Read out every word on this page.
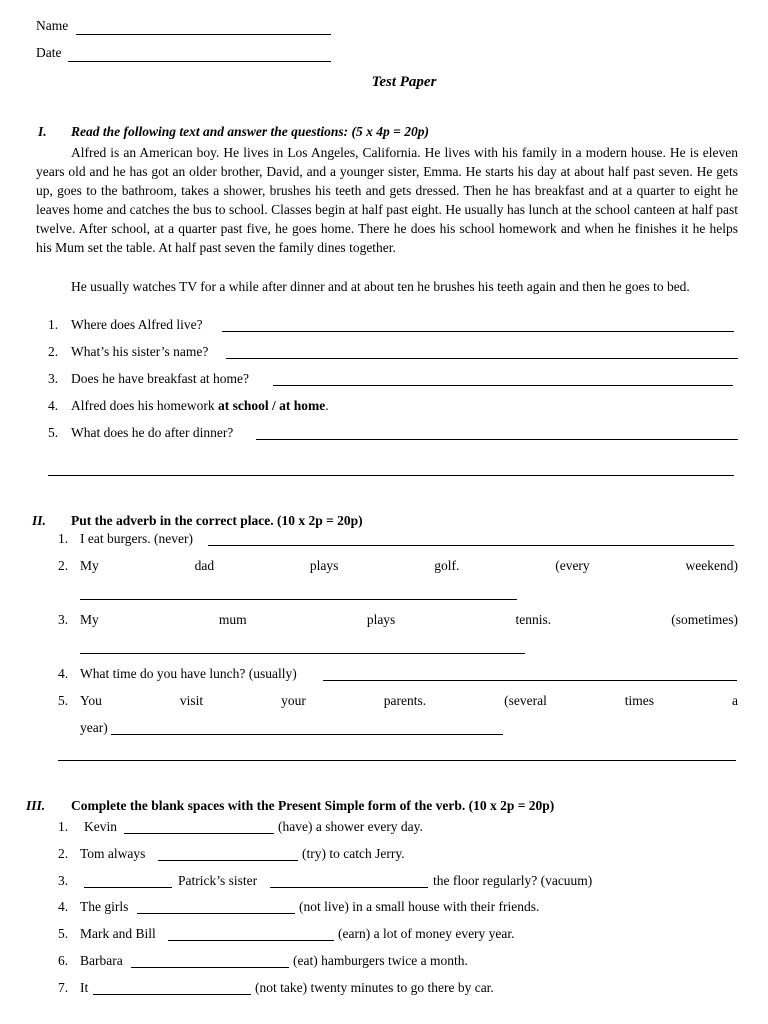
Name
Date
Test Paper
I. Read the following text and answer the questions: (5 x 4p = 20p)
Alfred is an American boy. He lives in Los Angeles, California. He lives with his family in a modern house. He is eleven years old and he has got an older brother, David, and a younger sister, Emma. He starts his day at about half past seven. He gets up, goes to the bathroom, takes a shower, brushes his teeth and gets dressed. Then he has breakfast and at a quarter to eight he leaves home and catches the bus to school. Classes begin at half past eight. He usually has lunch at the school canteen at half past twelve. After school, at a quarter past five, he goes home. There he does his school homework and when he finishes it he helps his Mum set the table. At half past seven the family dines together.
He usually watches TV for a while after dinner and at about ten he brushes his teeth again and then he goes to bed.
1. Where does Alfred live?
2. What’s his sister’s name?
3. Does he have breakfast at home?
4. Alfred does his homework at school / at home.
5. What does he do after dinner?
II. Put the adverb in the correct place. (10 x 2p = 20p)
1. I eat burgers. (never)
2. My	dad	plays	golf.	(every	weekend)
3. My	mum	plays	tennis.	(sometimes)
4. What time do you have lunch? (usually)
5. You	visit	your	parents.	(several	times	a
year)
III. Complete the blank spaces with the Present Simple form of the verb. (10 x 2p = 20p)
1. Kevin	(have) a shower every day.
2. Tom always	(try) to catch Jerry.
3.	Patrick’s sister	the floor regularly? (vacuum)
4. The girls	(not live) in a small house with their friends.
5. Mark and Bill	(earn) a lot of money every year.
6. Barbara	(eat) hamburgers twice a month.
7. It	(not take) twenty minutes to go there by car.
